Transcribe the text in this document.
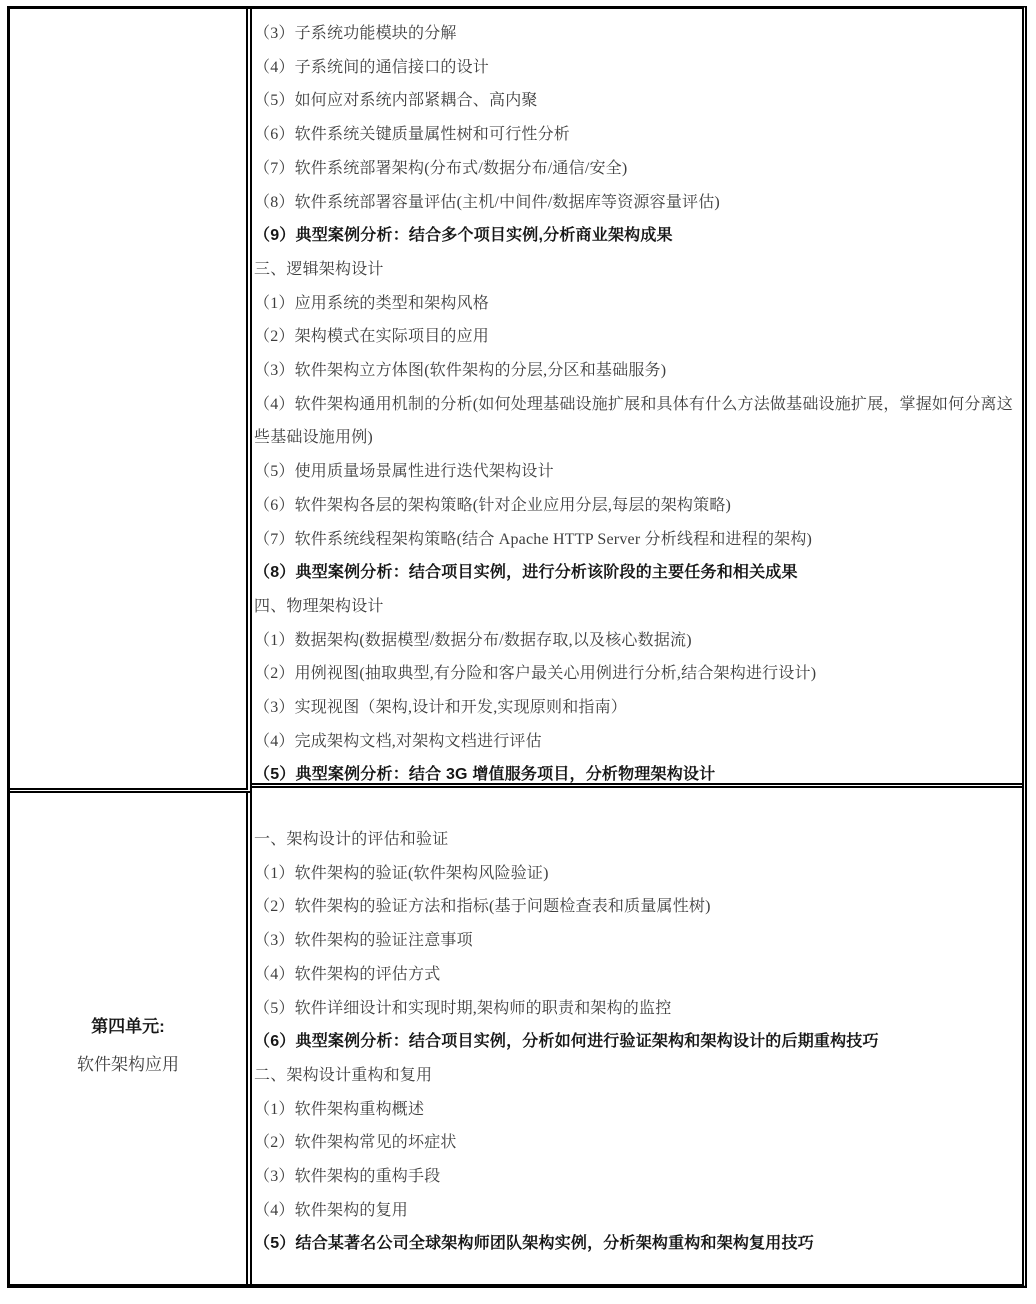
（3）子系统功能模块的分解
（4）子系统间的通信接口的设计
（5）如何应对系统内部紧耦合、高内聚
（6）软件系统关键质量属性树和可行性分析
（7）软件系统部署架构(分布式/数据分布/通信/安全)
（8）软件系统部署容量评估(主机/中间件/数据库等资源容量评估)
（9）典型案例分析：结合多个项目实例,分析商业架构成果
三、逻辑架构设计
（1）应用系统的类型和架构风格
（2）架构模式在实际项目的应用
（3）软件架构立方体图(软件架构的分层,分区和基础服务)
（4）软件架构通用机制的分析(如何处理基础设施扩展和具体有什么方法做基础设施扩展，掌握如何分离这些基础设施用例)
（5）使用质量场景属性进行迭代架构设计
（6）软件架构各层的架构策略(针对企业应用分层,每层的架构策略)
（7）软件系统线程架构策略(结合 Apache HTTP Server 分析线程和进程的架构)
（8）典型案例分析：结合项目实例，进行分析该阶段的主要任务和相关成果
四、物理架构设计
（1）数据架构(数据模型/数据分布/数据存取,以及核心数据流)
（2）用例视图(抽取典型,有分险和客户最关心用例进行分析,结合架构进行设计)
（3）实现视图（架构,设计和开发,实现原则和指南）
（4）完成架构文档,对架构文档进行评估
（5）典型案例分析：结合 3G 增值服务项目，分析物理架构设计
第四单元:
软件架构应用
一、架构设计的评估和验证
（1）软件架构的验证(软件架构风险验证)
（2）软件架构的验证方法和指标(基于问题检查表和质量属性树)
（3）软件架构的验证注意事项
（4）软件架构的评估方式
（5）软件详细设计和实现时期,架构师的职责和架构的监控
（6）典型案例分析：结合项目实例，分析如何进行验证架构和架构设计的后期重构技巧
二、架构设计重构和复用
（1）软件架构重构概述
（2）软件架构常见的坏症状
（3）软件架构的重构手段
（4）软件架构的复用
（5）结合某著名公司全球架构师团队架构实例，分析架构重构和架构复用技巧
